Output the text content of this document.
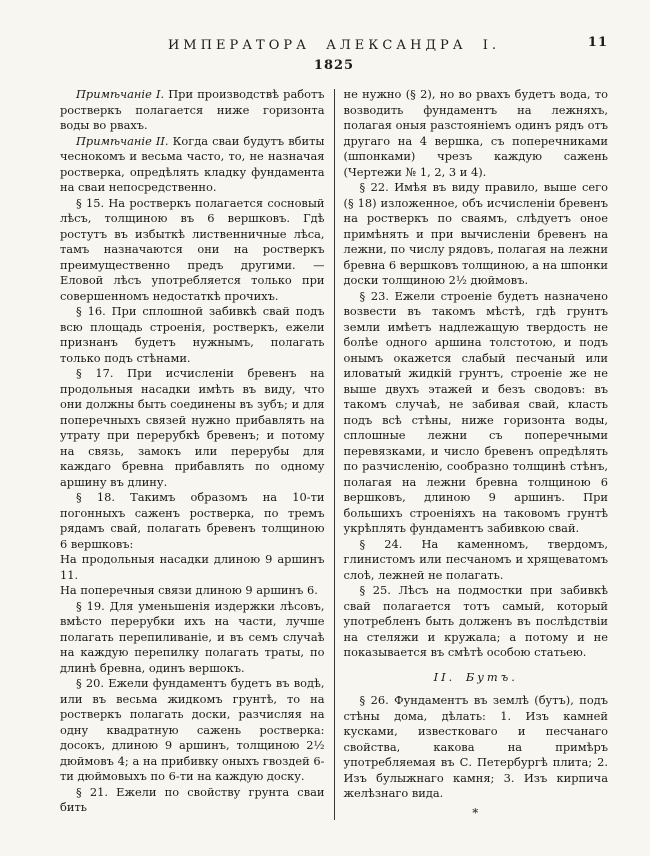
ИМПЕРАТОРА АЛЕКСАНДРА I.	11
1825

Примѣчаніе I. При производствѣ работъ ростверкъ полагается ниже горизонта воды во рвахъ.

Примѣчаніе II. Когда сваи будутъ вбиты чеснокомъ и весьма часто, то, не назначая ростверка, опредѣлять кладку фундамента на сваи непосредственно.

§ 15. На ростверкъ полагается сосновый лѣсъ, толщиною въ 6 вершковъ. Гдѣ ростутъ въ избыткѣ лиственничные лѣса, тамъ назначаются они на ростверкъ преимущественно предъ другими. — Еловой лѣсъ употребляется только при совершенномъ недостаткѣ прочихъ.

§ 16. При сплошной забивкѣ свай подъ всю площадь строенія, ростверкъ, ежели признанъ будетъ нужнымъ, полагать только подъ стѣнами.

§ 17. При исчисленіи бревенъ на продольныя насадки имѣть въ виду, что они должны быть соединены въ зубъ; и для поперечныхъ связей нужно прибавлять на утрату при перерубкѣ бревенъ; и потому на связь, замокъ или перерубы для каждаго бревна прибавлять по одному аршину въ длину.

§ 18. Такимъ образомъ на 10-ти погонныхъ саженъ ростверка, по тремъ рядамъ свай, полагать бревенъ толщиною 6 вершковъ:

На продольныя насадки длиною 9 аршинъ 11.

На поперечныя связи длиною 9 аршинъ 6.

§ 19. Для уменьшенія издержки лѣсовъ, вмѣсто перерубки ихъ на части, лучше полагать перепиливаніе, и въ семъ случаѣ на каждую перепилку полагать траты, по длинѣ бревна, одинъ вершокъ.

§ 20. Ежели фундаментъ будетъ въ водѣ, или въ весьма жидкомъ грунтѣ, то на ростверкъ полагать доски, разчисляя на одну квадратную сажень ростверка: досокъ, длиною 9 аршинъ, толщиною 2½ дюймовъ 4; а на прибивку оныхъ гвоздей 6-ти дюймовыхъ по 6-ти на каждую доску.

§ 21. Ежели по свойству грунта сваи бить

не нужно (§ 2), но во рвахъ будетъ вода, то возводить фундаментъ на лежняхъ, полагая оныя разстояніемъ одинъ рядъ отъ другаго на 4 вершка, съ поперечниками (шпонками) чрезъ каждую сажень (Чертежи № 1, 2, 3 и 4).

§ 22. Имѣя въ виду правило, выше сего (§ 18) изложенное, объ исчисленіи бревенъ на ростверкъ по сваямъ, слѣдуетъ оное примѣнять и при вычисленіи бревенъ на лежни, по числу рядовъ, полагая на лежни бревна 6 вершковъ толщиною, а на шпонки доски толщиною 2½ дюймовъ.

§ 23. Ежели строеніе будетъ назначено возвести въ такомъ мѣстѣ, гдѣ грунтъ земли имѣетъ надлежащую твердость не болѣе одного аршина толстотою, и подъ онымъ окажется слабый песчаный или иловатый жидкій грунтъ, строеніе же не выше двухъ этажей и безъ сводовъ: въ такомъ случаѣ, не забивая свай, класть подъ всѣ стѣны, ниже горизонта воды, сплошные лежни съ поперечными перевязками, и число бревенъ опредѣлять по разчисленію, сообразно толщинѣ стѣнъ, полагая на лежни бревна толщиною 6 вершковъ, длиною 9 аршинъ. При большихъ строеніяхъ на таковомъ грунтѣ укрѣплять фундаментъ забивкою свай.

§ 24. На каменномъ, твердомъ, глинистомъ или песчаномъ и хрящеватомъ слоѣ, лежней не полагать.

§ 25. Лѣсъ на подмостки при забивкѣ свай полагается тотъ самый, который употребленъ быть долженъ въ послѣдствіи на стеляжи и кружала; а потому и не показывается въ смѣтѣ особою статьею.

II. Бутъ.

§ 26. Фундаментъ въ землѣ (бутъ), подъ стѣны дома, дѣлать: 1. Изъ камней кусками, известковаго и песчанаго свойства, какова на примѣръ употребляемая въ С. Петербургѣ плита; 2. Изъ булыжнаго камня; 3. Изъ кирпича желѣзнаго вида.

*
